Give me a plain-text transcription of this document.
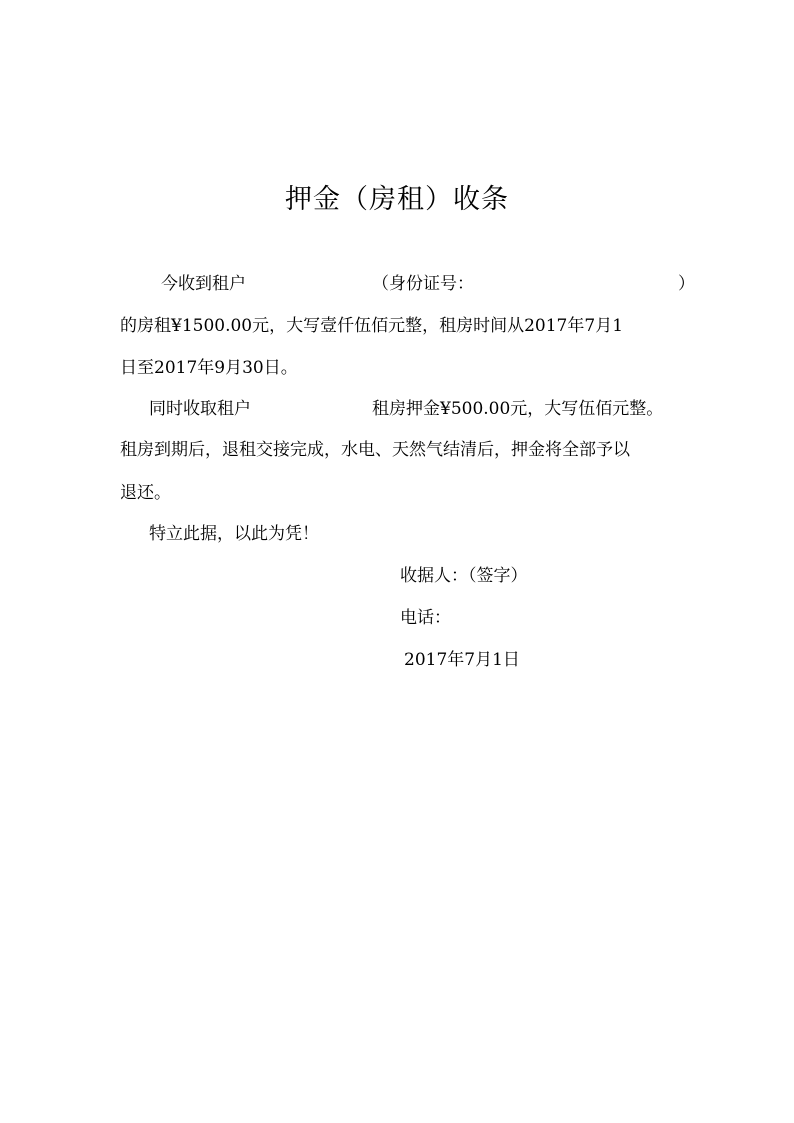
押金（房租）收条
今收到租户	（身份证号：	）
的房租¥1500.00元，大写壹仟伍佰元整，租房时间从2017年7月1
日至2017年9月30日。
同时收取租户	租房押金¥500.00元，大写伍佰元整。
租房到期后，退租交接完成，水电、天然气结清后，押金将全部予以
退还。
特立此据，以此为凭！
收据人：（签字）
电话：
2017年7月1日
